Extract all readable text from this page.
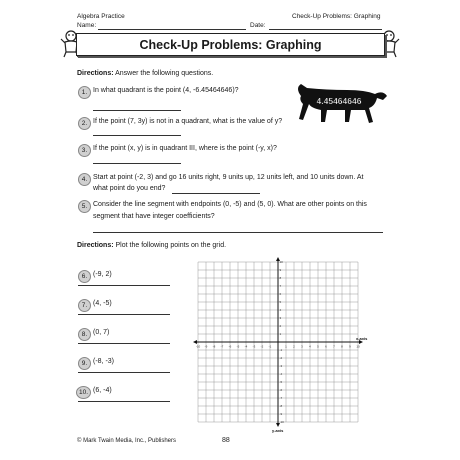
Algebra Practice	Check-Up Problems: Graphing
Name:	Date:
Check-Up Problems: Graphing
Directions: Answer the following questions.
1. In what quadrant is the point (4, -6.45464646)?
2. If the point (7, 3y) is not in a quadrant, what is the value of y?
3. If the point (x, y) is in quadrant III, where is the point (-y, x)?
4. Start at point (-2, 3) and go 16 units right, 9 units up, 12 units left, and 10 units down. At
what point do you end?
5. Consider the line segment with endpoints (0, -5) and (5, 0). What are other points on this
segment that have integer coefficients?
4.45464646
Directions: Plot the following points on the grid.
6. (-9, 2)
7. (4, -5)
8. (0, 7)
9. (-8, -3)
10. (6, -4)
-10
-10
-9
-9
-8
-8
-7
-7
-6
-6
-5
-5
-4
-4
-3
-3
-2
-2
-1
-1
1
1
2
2
3
3
4
4
5
5
6
6
7
7
8
8
9
9
10
10
x-axis
y-axis
© Mark Twain Media, Inc., Publishers	88
